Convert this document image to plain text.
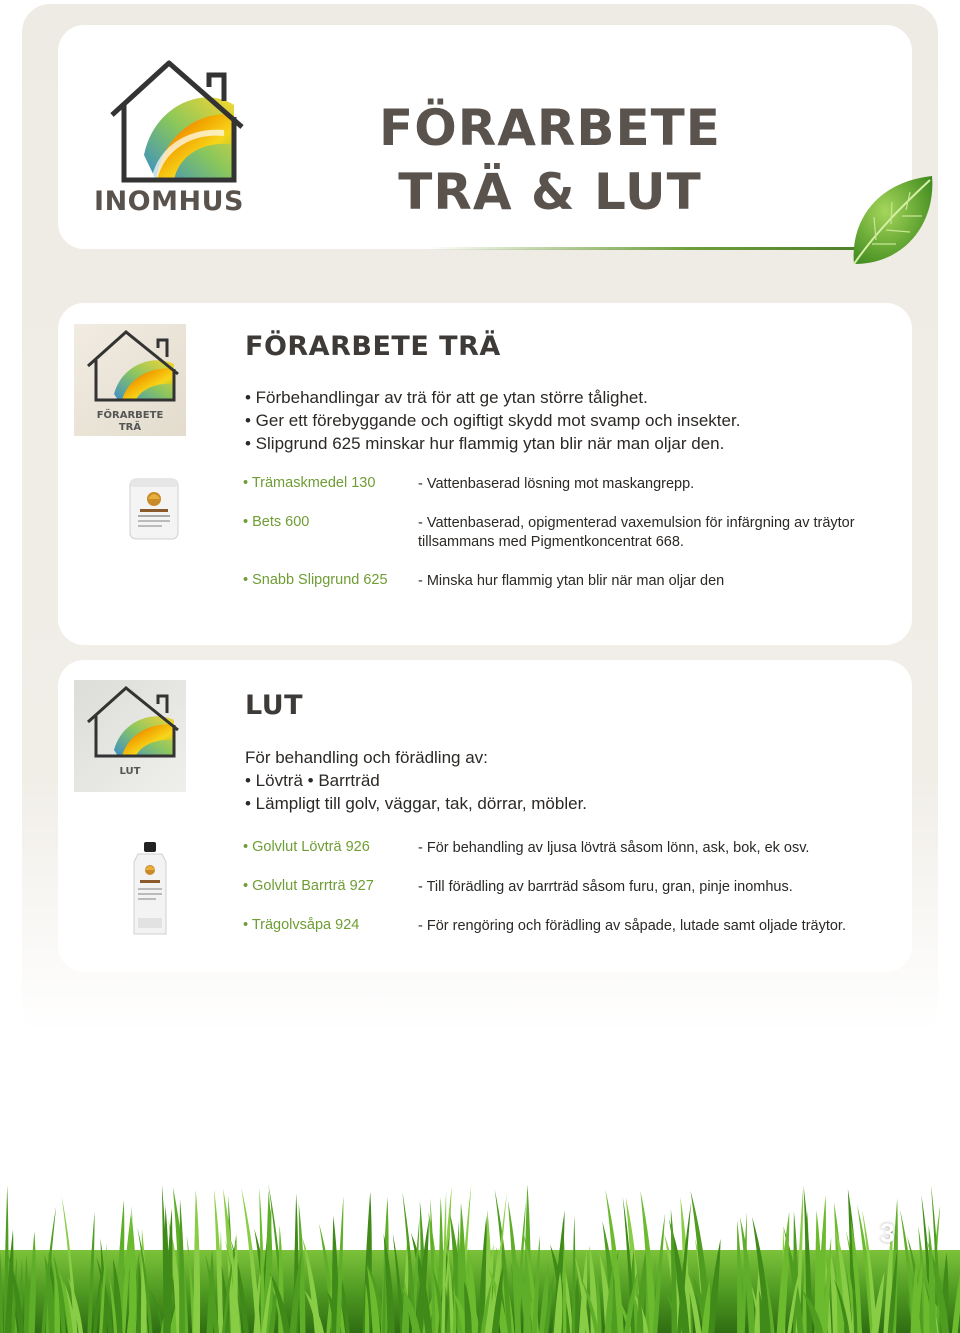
INOMHUS
FÖRARBETE
TRÄ & LUT
FÖRARBETE
TRÄ
FÖRARBETE TRÄ
• Förbehandlingar av trä för att ge ytan större tålighet.
• Ger ett förebyggande och ogiftigt skydd mot svamp och insekter.
• Slipgrund 625 minskar hur flammig ytan blir när man oljar den.
• Trämaskmedel 130	- Vattenbaserad lösning mot maskangrepp.
• Bets 600	- Vattenbaserad, opigmenterad vaxemulsion för infärgning av träytor tillsammans med Pigmentkoncentrat 668.
• Snabb Slipgrund 625 - Minska hur flammig ytan blir när man oljar den
LUT
LUT
För behandling och förädling av:
• Lövträ • Barrträd
• Lämpligt till golv, väggar, tak, dörrar, möbler.
• Golvlut Lövträ 926	- För behandling av ljusa lövträ såsom lönn, ask, bok, ek osv.
• Golvlut Barrträ 927	- Till förädling av barrträd såsom furu, gran, pinje inomhus.
• Trägolvsåpa 924	- För rengöring och förädling av såpade, lutade samt oljade träytor.
3
